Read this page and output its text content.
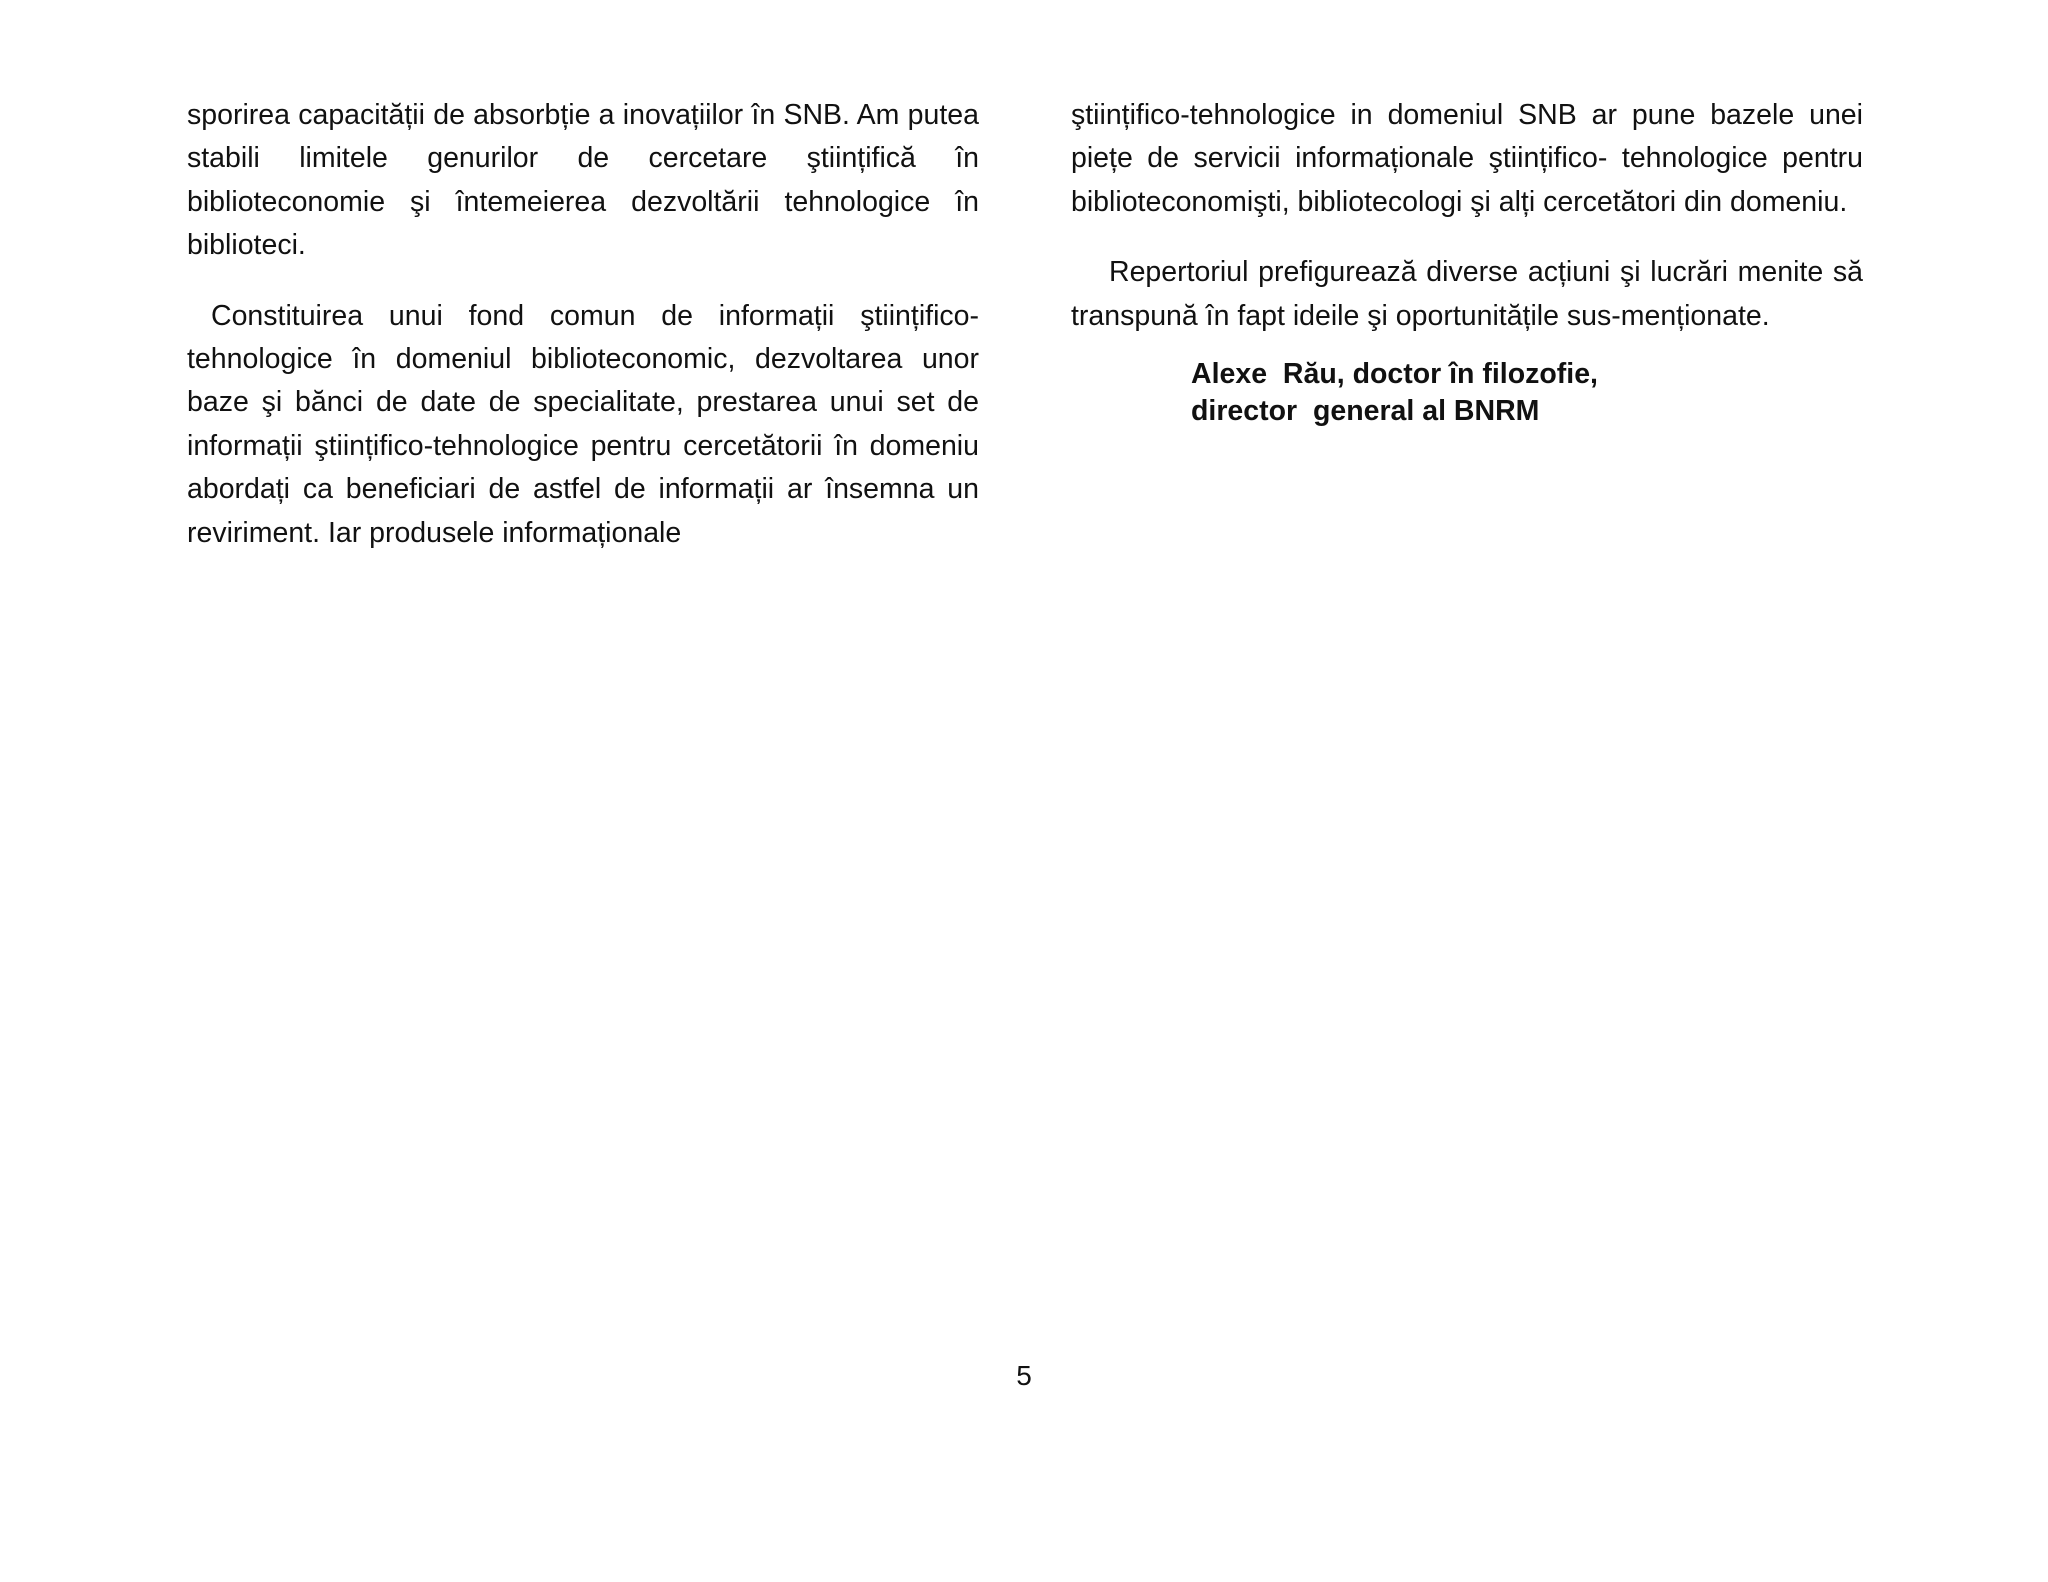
sporirea capacității de absorbție a inovațiilor în SNB. Am putea stabili limitele genurilor de cercetare ştiințifică în biblioteconomie şi întemeierea dezvoltării tehnologice în biblioteci.

Constituirea unui fond comun de informații ştiințifico-tehnologice în domeniul biblioteconomic, dezvoltarea unor baze şi bănci de date de specialitate, prestarea unui set de informații ştiințifico-tehnologice pentru cercetătorii în domeniu abordați ca beneficiari de astfel de informații ar însemna un reviriment. Iar produsele informaționale

ştiințifico-tehnologice in domeniul SNB ar pune bazele unei piețe de servicii informaționale ştiințifico- tehnologice pentru biblioteconomişti, bibliotecologi şi alți cercetători din domeniu.

Repertoriul prefigurează diverse acțiuni şi lucrări menite să transpună în fapt ideile şi oportunitățile sus-menționate.

Alexe  Rău, doctor în filozofie,
director  general al BNRM
5
